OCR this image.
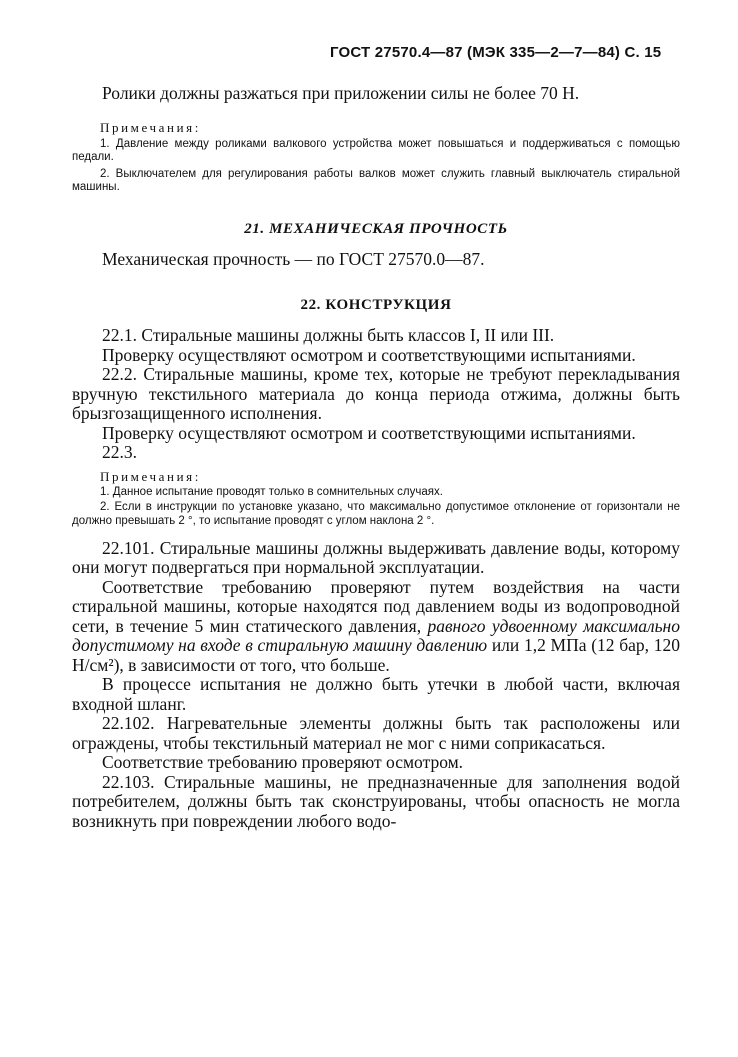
ГОСТ 27570.4—87 (МЭК 335—2—7—84) С. 15

Ролики должны разжаться при приложении силы не более 70 Н.

Примечания:

1. Давление между роликами валкового устройства может повышаться и поддерживаться с помощью педали.

2. Выключателем для регулирования работы валков может служить главный выключатель стиральной машины.

21. МЕХАНИЧЕСКАЯ ПРОЧНОСТЬ

Механическая прочность — по ГОСТ 27570.0—87.

22. КОНСТРУКЦИЯ

22.1. Стиральные машины должны быть классов I, II или III.

Проверку осуществляют осмотром и соответствующими испытаниями.

22.2. Стиральные машины, кроме тех, которые не требуют перекладывания вручную текстильного материала до конца периода отжима, должны быть брызгозащищенного исполнения.

Проверку осуществляют осмотром и соответствующими испытаниями.

22.3.

Примечания:

1. Данное испытание проводят только в сомнительных случаях.

2. Если в инструкции по установке указано, что максимально допустимое отклонение от горизонтали не должно превышать 2 °, то испытание проводят с углом наклона 2 °.

22.101. Стиральные машины должны выдерживать давление воды, которому они могут подвергаться при нормальной эксплуатации.

Соответствие требованию проверяют путем воздействия на части стиральной машины, которые находятся под давлением воды из водопроводной сети, в течение 5 мин статического давления, равного удвоенному максимально допустимому на входе в стиральную машину давлению или 1,2 МПа (12 бар, 120 Н/см²), в зависимости от того, что больше.

В процессе испытания не должно быть утечки в любой части, включая входной шланг.

22.102. Нагревательные элементы должны быть так расположены или ограждены, чтобы текстильный материал не мог с ними соприкасаться.

Соответствие требованию проверяют осмотром.

22.103. Стиральные машины, не предназначенные для заполнения водой потребителем, должны быть так сконструированы, чтобы опасность не могла возникнуть при повреждении любого водо-
